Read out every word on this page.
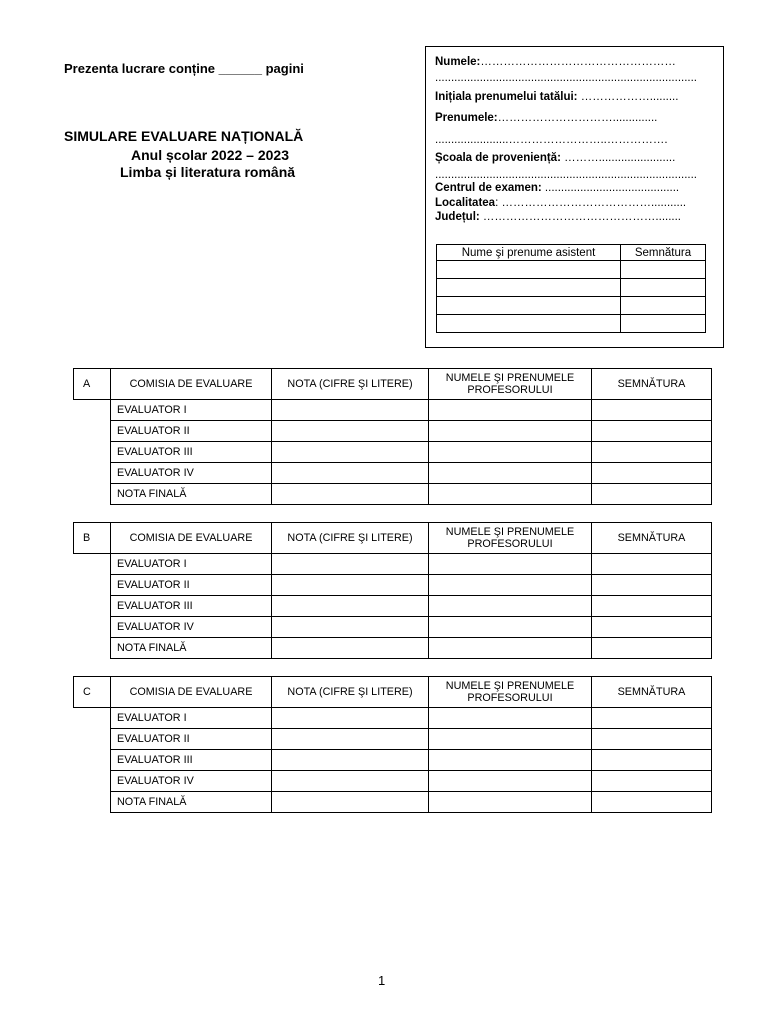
Prezenta lucrare conține ______ pagini
SIMULARE EVALUARE NAȚIONALĂ
Anul școlar 2022 – 2023
Limba și literatura română
Numele:……………………………………………
..................................................................................
Inițiala prenumelui tatălui: ……………….........
Prenumele:…………………………..............
.......................……………………..…………….
Școala de proveniență: ………........................
..................................................................................
Centrul de examen: ..........................................
Localitatea: …………………………………...........
Județul: ………………………………………........
Nume şi prenume asistent	Semnătura

A	COMISIA DE EVALUARE	NOTA (CIFRE ŞI LITERE)	NUMELE ŞI PRENUMELE PROFESORULUI	SEMNĂTURA
	EVALUATOR I			
	EVALUATOR II			
	EVALUATOR III			
	EVALUATOR IV			
	NOTA FINALĂ			
B	COMISIA DE EVALUARE	NOTA (CIFRE ŞI LITERE)	NUMELE ŞI PRENUMELE PROFESORULUI	SEMNĂTURA
	EVALUATOR I			
	EVALUATOR II			
	EVALUATOR III			
	EVALUATOR IV			
	NOTA FINALĂ			
C	COMISIA DE EVALUARE	NOTA (CIFRE ŞI LITERE)	NUMELE ŞI PRENUMELE PROFESORULUI	SEMNĂTURA
	EVALUATOR I			
	EVALUATOR II			
	EVALUATOR III			
	EVALUATOR IV			
	NOTA FINALĂ			
1
